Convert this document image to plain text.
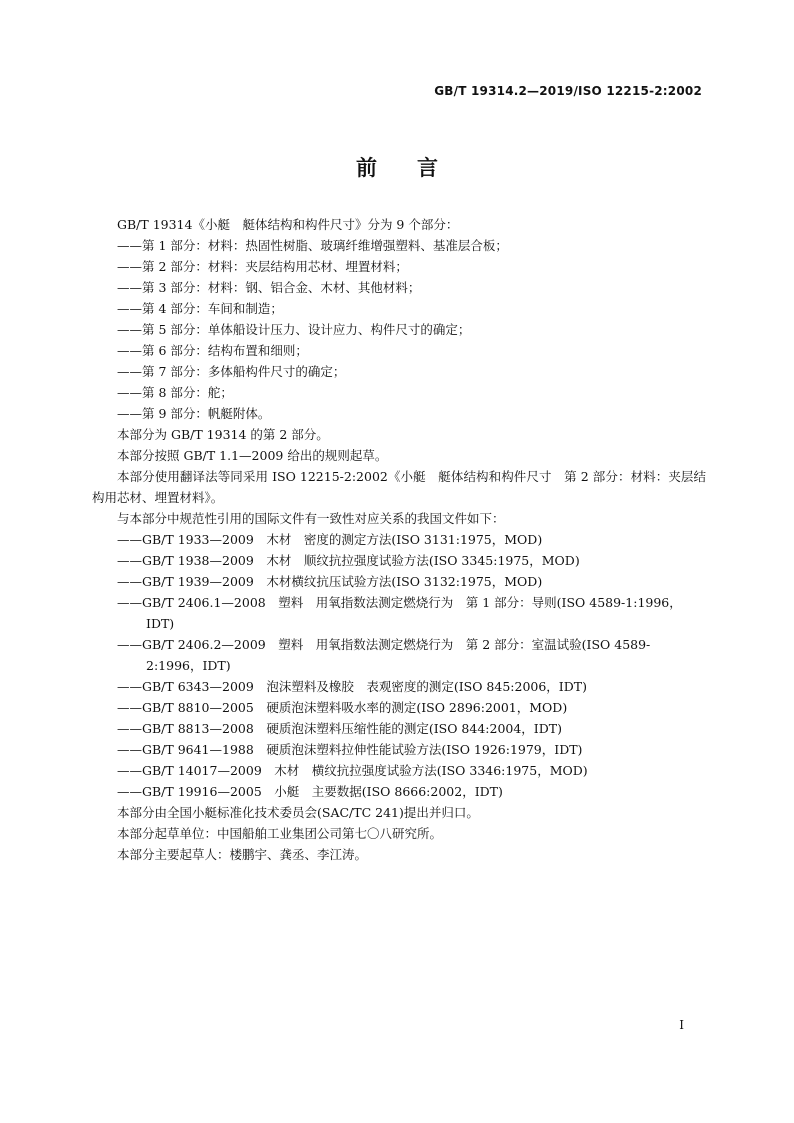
GB/T 19314.2—2019/ISO 12215-2:2002
前 言

GB/T 19314《小艇　艇体结构和构件尺寸》分为 9 个部分：

——第 1 部分：材料：热固性树脂、玻璃纤维增强塑料、基准层合板；

——第 2 部分：材料：夹层结构用芯材、埋置材料；

——第 3 部分：材料：钢、铝合金、木材、其他材料；

——第 4 部分：车间和制造；

——第 5 部分：单体船设计压力、设计应力、构件尺寸的确定；

——第 6 部分：结构布置和细则；

——第 7 部分：多体船构件尺寸的确定；

——第 8 部分：舵；

——第 9 部分：帆艇附体。

本部分为 GB/T 19314 的第 2 部分。

本部分按照 GB/T 1.1—2009 给出的规则起草。

本部分使用翻译法等同采用 ISO 12215-2:2002《小艇　艇体结构和构件尺寸　第 2 部分：材料：夹层结构用芯材、埋置材料》。

与本部分中规范性引用的国际文件有一致性对应关系的我国文件如下：

——GB/T 1933—2009　木材　密度的测定方法(ISO 3131:1975，MOD)

——GB/T 1938—2009　木材　顺纹抗拉强度试验方法(ISO 3345:1975，MOD)

——GB/T 1939—2009　木材横纹抗压试验方法(ISO 3132:1975，MOD)

——GB/T 2406.1—2008　塑料　用氧指数法测定燃烧行为　第 1 部分：导则(ISO 4589-1:1996，IDT)

——GB/T 2406.2—2009　塑料　用氧指数法测定燃烧行为　第 2 部分：室温试验(ISO 4589-2:1996，IDT)

——GB/T 6343—2009　泡沫塑料及橡胶　表观密度的测定(ISO 845:2006，IDT)

——GB/T 8810—2005　硬质泡沫塑料吸水率的测定(ISO 2896:2001，MOD)

——GB/T 8813—2008　硬质泡沫塑料压缩性能的测定(ISO 844:2004，IDT)

——GB/T 9641—1988　硬质泡沫塑料拉伸性能试验方法(ISO 1926:1979，IDT)

——GB/T 14017—2009　木材　横纹抗拉强度试验方法(ISO 3346:1975，MOD)

——GB/T 19916—2005　小艇　主要数据(ISO 8666:2002，IDT)

本部分由全国小艇标准化技术委员会(SAC/TC 241)提出并归口。

本部分起草单位：中国船舶工业集团公司第七〇八研究所。

本部分主要起草人：楼鹏宇、龚丞、李江涛。

I
